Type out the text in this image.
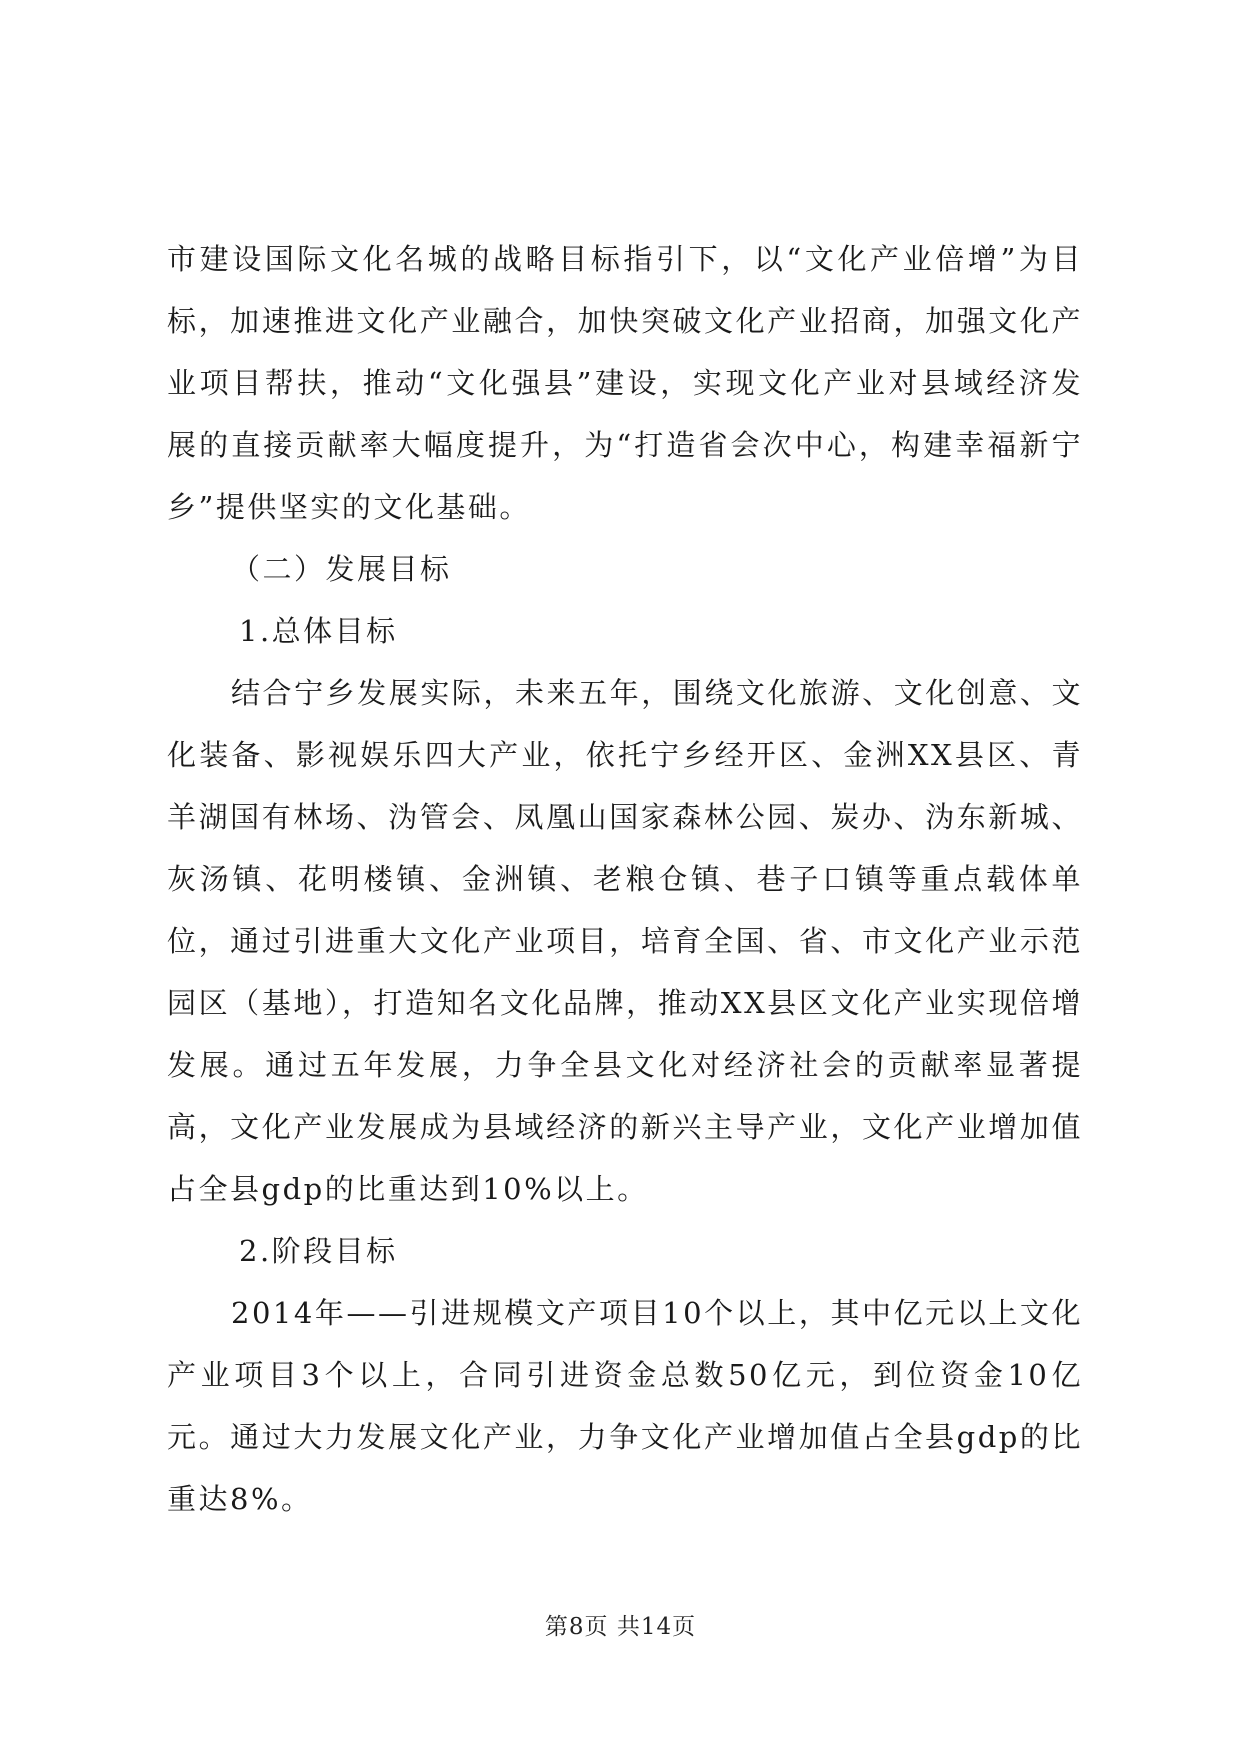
市建设国际文化名城的战略目标指引下，以“文化产业倍增”为目标，加速推进文化产业融合，加快突破文化产业招商，加强文化产业项目帮扶，推动“文化强县”建设，实现文化产业对县域经济发展的直接贡献率大幅度提升，为“打造省会次中心，构建幸福新宁乡”提供坚实的文化基础。

（二）发展目标

1.总体目标

结合宁乡发展实际，未来五年，围绕文化旅游、文化创意、文化装备、影视娱乐四大产业，依托宁乡经开区、金洲XX县区、青羊湖国有林场、沩管会、凤凰山国家森林公园、炭办、沩东新城、灰汤镇、花明楼镇、金洲镇、老粮仓镇、巷子口镇等重点载体单位，通过引进重大文化产业项目，培育全国、省、市文化产业示范园区（基地），打造知名文化品牌，推动XX县区文化产业实现倍增发展。通过五年发展，力争全县文化对经济社会的贡献率显著提高，文化产业发展成为县域经济的新兴主导产业，文化产业增加值占全县gdp的比重达到10%以上。

2.阶段目标

2014年——引进规模文产项目10个以上，其中亿元以上文化产业项目3个以上，合同引进资金总数50亿元，到位资金10亿元。通过大力发展文化产业，力争文化产业增加值占全县gdp的比重达8%。

第8页 共14页
